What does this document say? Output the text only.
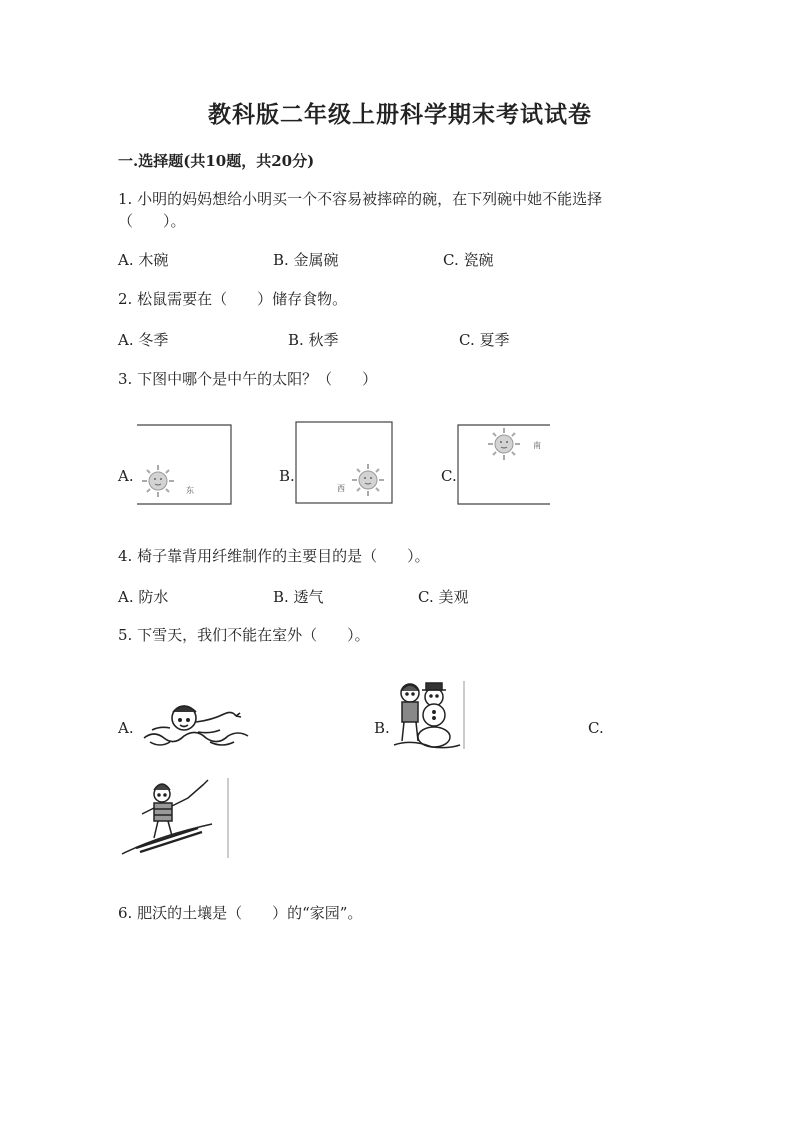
教科版二年级上册科学期末考试试卷
一.选择题(共10题，共20分)
1. 小明的妈妈想给小明买一个不容易被摔碎的碗，在下列碗中她不能选择
（　　）。
A. 木碗	B. 金属碗	C. 瓷碗
2. 松鼠需要在（　　）储存食物。
A. 冬季	B. 秋季	C. 夏季
3. 下图中哪个是中午的太阳？（　　）
A.
东
B.
西
C.
南
4. 椅子靠背用纤维制作的主要目的是（　　）。
A. 防水	B. 透气	C. 美观
5. 下雪天，我们不能在室外（　　）。
A.	B.	C.
6. 肥沃的土壤是（　　）的“家园”。
